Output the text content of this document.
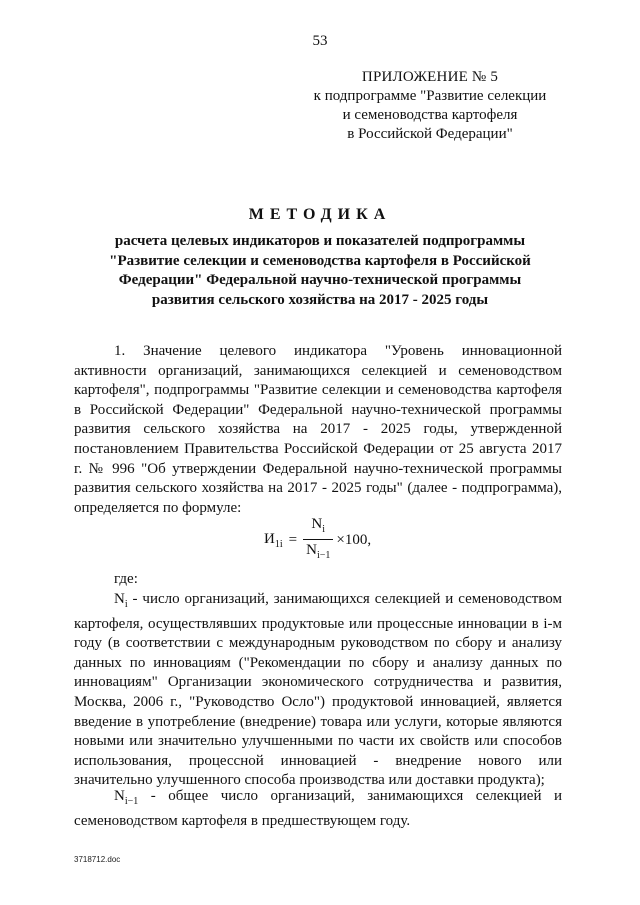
53
ПРИЛОЖЕНИЕ № 5
к подпрограмме "Развитие селекции
и семеноводства картофеля
в Российской Федерации"
МЕТОДИКА
расчета целевых индикаторов и показателей подпрограммы "Развитие селекции и семеноводства картофеля в Российской Федерации" Федеральной научно-технической программы развития сельского хозяйства на 2017 - 2025 годы
1. Значение целевого индикатора "Уровень инновационной активности организаций, занимающихся селекцией и семеноводством картофеля", подпрограммы "Развитие селекции и семеноводства картофеля в Российской Федерации" Федеральной научно-технической программы развития сельского хозяйства на 2017 - 2025 годы, утвержденной постановлением Правительства Российской Федерации от 25 августа 2017 г. № 996 "Об утверждении Федеральной научно-технической программы развития сельского хозяйства на 2017 - 2025 годы" (далее - подпрограмма), определяется по формуле:
$И_{1i} = \frac{N_i}{N_{i-1}} \times 100$,
где:
$N_i$ - число организаций, занимающихся селекцией и семеноводством картофеля, осуществлявших продуктовые или процессные инновации в i-м году (в соответствии с международным руководством по сбору и анализу данных по инновациям ("Рекомендации по сбору и анализу данных по инновациям" Организации экономического сотрудничества и развития, Москва, 2006 г., "Руководство Осло") продуктовой инновацией, является введение в употребление (внедрение) товара или услуги, которые являются новыми или значительно улучшенными по части их свойств или способов использования, процессной инновацией - внедрение нового или значительно улучшенного способа производства или доставки продукта);
$N_{i-1}$ - общее число организаций, занимающихся селекцией и семеноводством картофеля в предшествующем году.
3718712.doc
